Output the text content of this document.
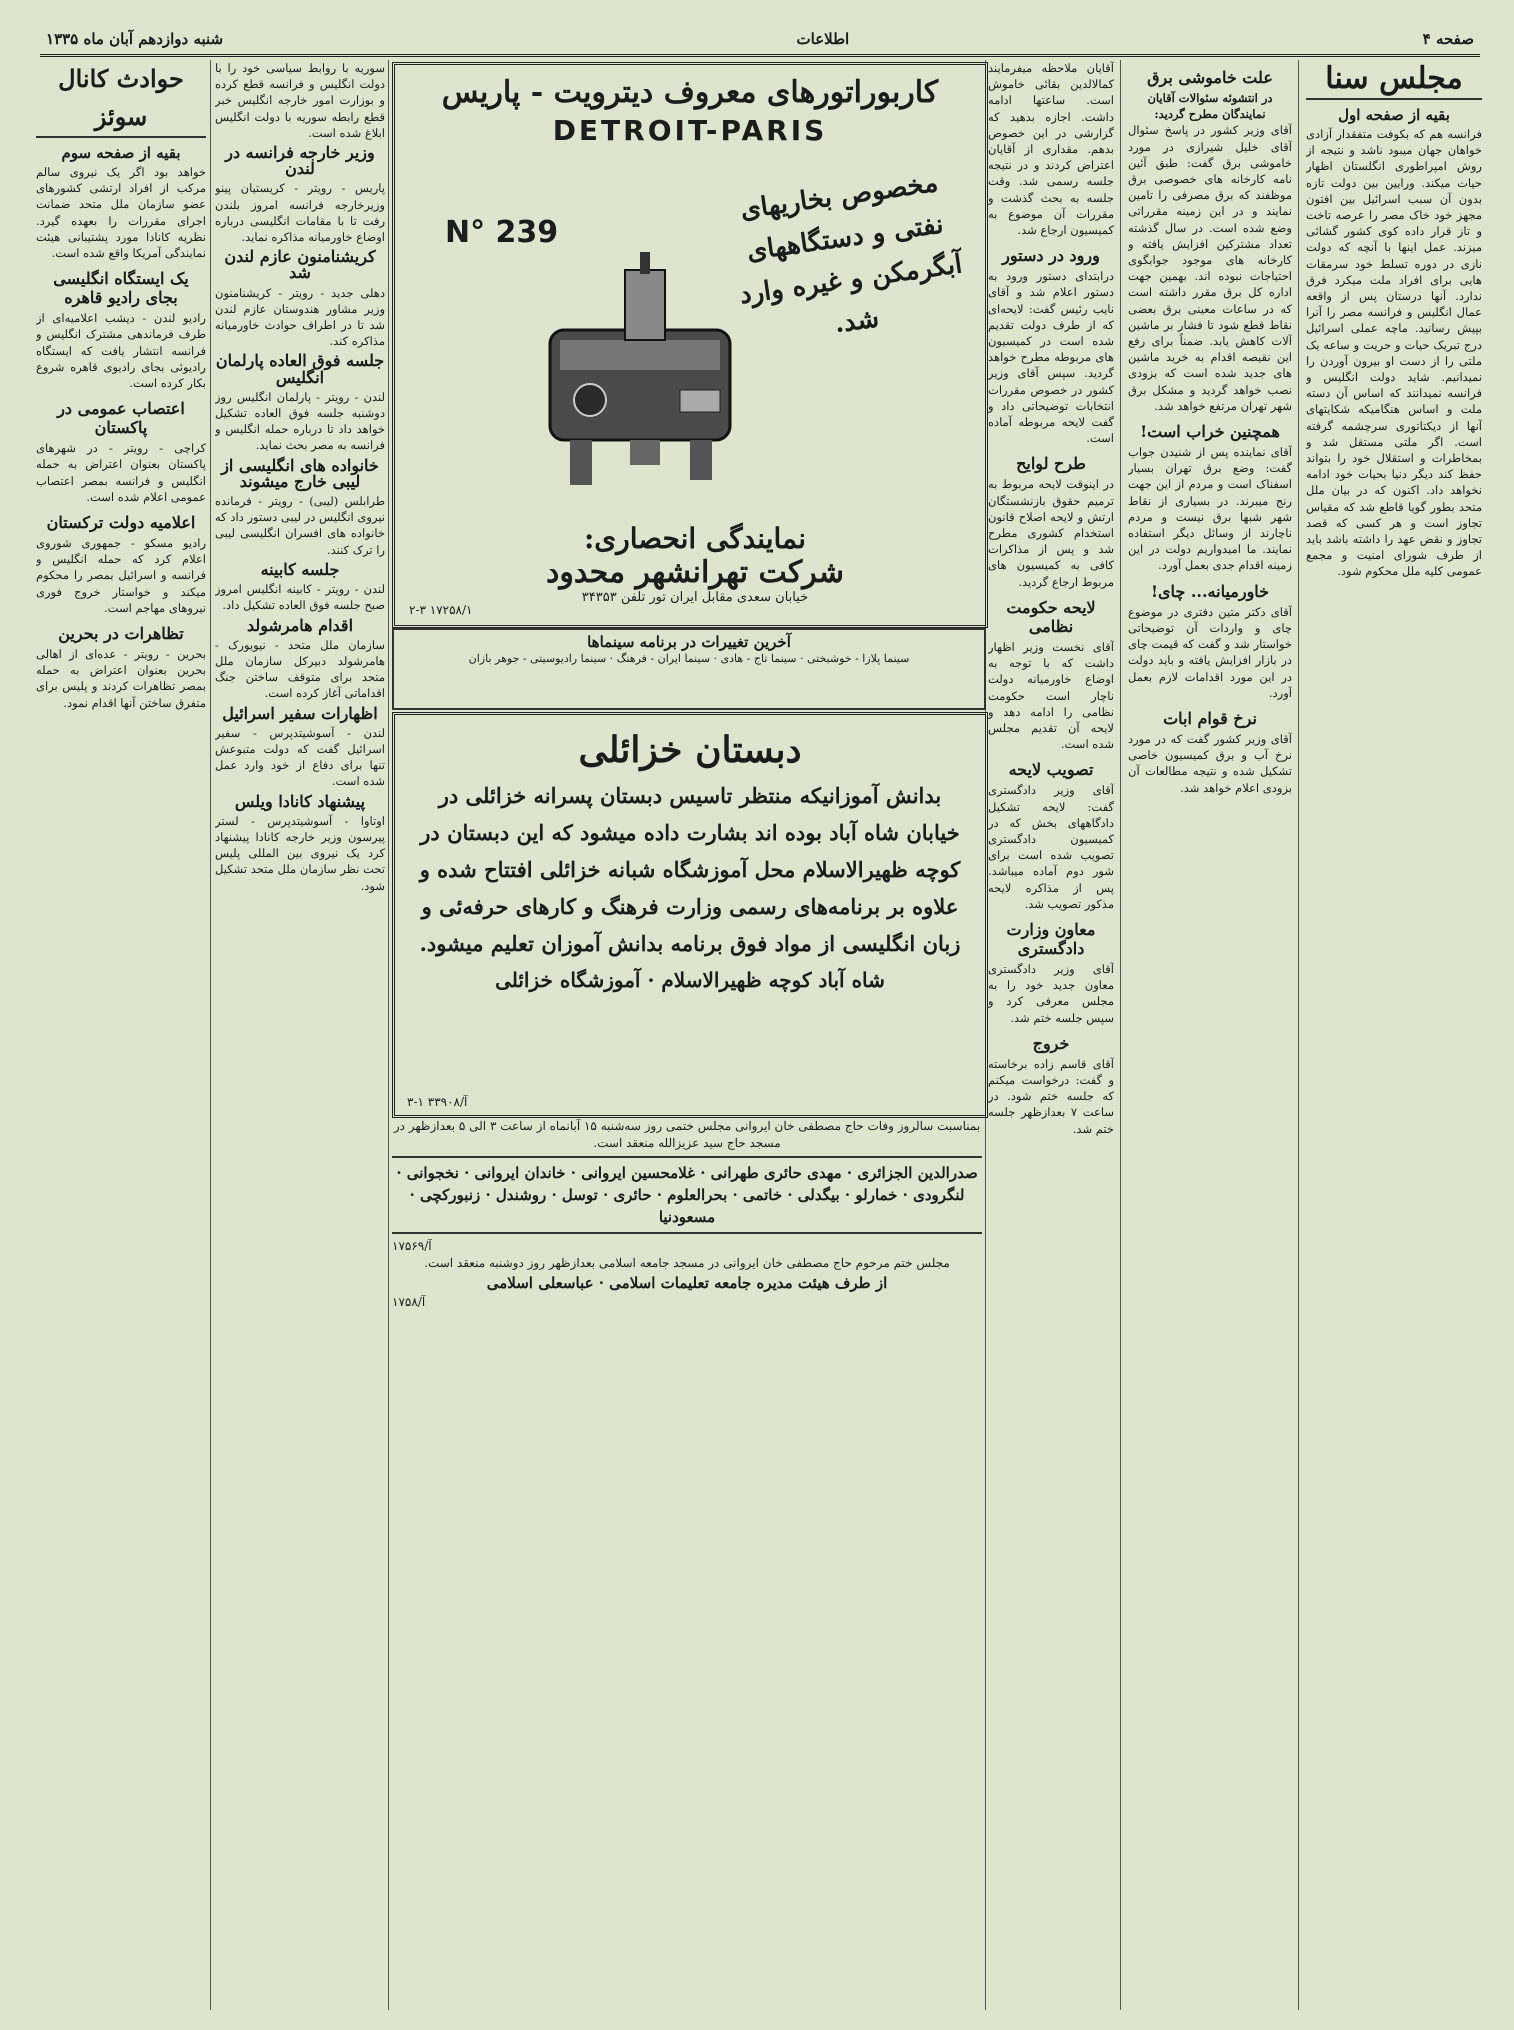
صفحه ۴
اطلاعات
شنبه دوازدهم آبان ماه ۱۳۳۵
مجلس سنا
بقیه از صفحه اول
فرانسه هم که بکوفت متفقدار آزادی خواهان جهان میبود ناشد و نتیجه از روش امپراطوری انگلستان اظهار حیات میکند. ورایین بین دولت تازه بدون آن سبب اسرائیل بین افتون مجهز خود خاک مصر را عرصه تاخت و تاز قرار داده کوی کشور گشائی میزند. عمل اینها با آنچه که دولت نازی در دوره تسلط خود سرمقات هایی برای افراد ملت میکرد فرق ندارد. آنها درستان پس از واقعه عمال انگلیس و فرانسه مصر را آنرا بپیش رسانید. ماچه عملی اسرائیل درج تبریک حیات و حریت و ساعه یک ملتی را از دست او بیرون آوردن را نمیدانیم. شاید دولت انگلیس و فرانسه نمیدانند که اساس آن دسته ملت و اساس هنگامیکه شکایتهای آنها از دیکتاتوری سرچشمه گرفته است. اگر ملتی مستقل شد و بمخاطرات و استقلال خود را بتواند حفظ کند دیگر دنیا بحیات خود ادامه نخواهد داد. اکنون که در بیان ملل متحد بطور گویا قاطع شد که مقیاس تجاوز است و هر کسی که قصد تجاوز و نقض عهد را داشته باشد باید از طرف شورای امنیت و مجمع عمومی کلیه ملل محکوم شود.
علت خاموشی برق
در انتشوئه سئوالات آقایان نمایندگان مطرح گردید:
آقای وزیر کشور در پاسخ سئوال آقای خلیل شیرازی در مورد خاموشی برق گفت: طبق آئین نامه کارخانه های خصوصی برق موظفند که برق مصرفی را تامین نمایند و در این زمینه مقرراتی وضع شده است. در سال گذشته تعداد مشترکین افزایش یافته و کارخانه های موجود جوابگوی احتیاجات نبوده اند. بهمین جهت اداره کل برق مقرر داشته است که در ساعات معینی برق بعضی نقاط قطع شود تا فشار بر ماشین آلات کاهش یابد. ضمناً برای رفع این نقیصه اقدام به خرید ماشین های جدید شده است که بزودی نصب خواهد گردید و مشکل برق شهر تهران مرتفع خواهد شد.
همچنین خراب است!
آقای نماینده پس از شنیدن جواب گفت: وضع برق تهران بسیار اسفناک است و مردم از این جهت رنج میبرند. در بسیاری از نقاط شهر شبها برق نیست و مردم ناچارند از وسائل دیگر استفاده نمایند. ما امیدواریم دولت در این زمینه اقدام جدی بعمل آورد.
خاورمیانه... چای!
آقای دکتر متین دفتری در موضوع چای و واردات آن توضیحاتی خواستار شد و گفت که قیمت چای در بازار افزایش یافته و باید دولت در این مورد اقدامات لازم بعمل آورد.
نرخ قوام ابات
آقای وزیر کشور گفت که در مورد نرخ آب و برق کمیسیون خاصی تشکیل شده و نتیجه مطالعات آن بزودی اعلام خواهد شد.
آقایان ملاحظه میفرمایند کمالالدین بقائی خاموش است. ساعتها ادامه داشت. اجازه بدهید که گزارشی در این خصوص بدهم. مقداری از آقایان اعتراض کردند و در نتیجه جلسه رسمی شد. وقت جلسه به بحث گذشت و مقررات آن موضوع به کمیسیون ارجاع شد.
ورود در دستور
درابتدای دستور ورود به دستور اعلام شد و آقای نایب رئیس گفت: لایحه‌ای که از طرف دولت تقدیم شده است در کمیسیون های مربوطه مطرح خواهد گردید. سپس آقای وزیر کشور در خصوص مقررات انتخابات توضیحاتی داد و گفت لایحه مربوطه آماده است.
طرح لوایح
در اینوقت لایحه مربوط به ترمیم حقوق بازنشستگان ارتش و لایحه اصلاح قانون استخدام کشوری مطرح شد و پس از مذاکرات کافی به کمیسیون های مربوط ارجاع گردید.
لایحه حکومت نظامی
آقای نخست وزیر اظهار داشت که با توجه به اوضاع خاورمیانه دولت ناچار است حکومت نظامی را ادامه دهد و لایحه آن تقدیم مجلس شده است.
تصویب لایحه
آقای وزیر دادگستری گفت: لایحه تشکیل دادگاههای بخش که در کمیسیون دادگستری تصویب شده است برای شور دوم آماده میباشد. پس از مذاکره لایحه مذکور تصویب شد.
معاون وزارت دادگستری
آقای وزیر دادگستری معاون جدید خود را به مجلس معرفی کرد و سپس جلسه ختم شد.
خروج
آقای قاسم زاده برخاسته و گفت: درخواست میکنم که جلسه ختم شود. در ساعت ۷ بعدازظهر جلسه ختم شد.
کاربوراتورهای معروف دیترویت - پاریس
DETROIT-PARIS
N° 239
مخصوص بخاریهای نفتی و دستگاههای آبگرمکن و غیره وارد شد.
نمایندگی انحصاری:
شرکت تهرانشهر محدود
خیابان سعدی مقابل ایران تور تلفن ۳۴۳۵۳
۲-۳ ۱۷۲۵۸/۱
آخرین تغییرات در برنامه سینماها
سینما پلازا - خوشبختی · سینما تاج - هادی · سینما ایران - فرهنگ · سینما رادیوسیتی - جوهر بازان
دبستان خزائلی
بدانش آموزانیکه منتظر تاسیس دبستان پسرانه خزائلی در خیابان شاه آباد بوده اند بشارت داده میشود که این دبستان در کوچه ظهیرالاسلام محل آموزشگاه شبانه خزائلی افتتاح شده و علاوه بر برنامه‌های رسمی وزارت فرهنگ و کارهای حرفه‌ئی و زبان انگلیسی از مواد فوق برنامه بدانش آموزان تعلیم میشود.
شاه آباد کوچه ظهیرالاسلام · آموزشگاه خزائلی
۳-۱ ۳۳۹۰۸/آ
بمناسبت سالروز وفات حاج مصطفی خان ایروانی مجلس ختمی روز سه‌شنبه ۱۵ آبانماه از ساعت ۳ الی ۵ بعدازظهر در مسجد حاج سید عزیزالله منعقد است.
صدرالدین الجزائری · مهدی حائری طهرانی · غلامحسین ایروانی · خاندان ایروانی · نخجوانی · لنگرودی · خمارلو · بیگدلی · خاتمی · بحرالعلوم · حائری · توسل · روشندل · زنبورکچی · مسعودنیا
۱۷۵۶۹/آ
مجلس ختم مرحوم حاج مصطفی خان ایروانی در مسجد جامعه اسلامی بعدازظهر روز دوشنبه منعقد است.
از طرف هیئت مدیره جامعه تعلیمات اسلامی · عباسعلی اسلامی
۱۷۵۸/آ
سوریه با روابط سیاسی خود را با دولت انگلیس و فرانسه قطع کرده و بوزارت امور خارجه انگلیس خبر قطع رابطه سوریه با دولت انگلیس ابلاغ شده است.
وزیر خارجه فرانسه در لندن
پاریس - رویتر - کریستیان پینو وزیرخارجه فرانسه امروز بلندن رفت تا با مقامات انگلیسی درباره اوضاع خاورمیانه مذاکره نماید.
کریشنامنون عازم لندن شد
دهلی جدید - رویتر - کریشنامنون وزیر مشاور هندوستان عازم لندن شد تا در اطراف حوادث خاورمیانه مذاکره کند.
جلسه فوق العاده پارلمان انگلیس
لندن - رویتر - پارلمان انگلیس روز دوشنبه جلسه فوق العاده تشکیل خواهد داد تا درباره حمله انگلیس و فرانسه به مصر بحث نماید.
خانواده های انگلیسی از لیبی خارج میشوند
طرابلس (لیبی) - رویتر - فرمانده نیروی انگلیس در لیبی دستور داد که خانواده های افسران انگلیسی لیبی را ترک کنند.
جلسه کابینه
لندن - رویتر - کابینه انگلیس امروز صبح جلسه فوق العاده تشکیل داد.
اقدام هامرشولد
سازمان ملل متحد - نیویورک - هامرشولد دبیرکل سازمان ملل متحد برای متوقف ساختن جنگ اقداماتی آغاز کرده است.
اظهارات سفیر اسرائیل
لندن - آسوشیتدپرس - سفیر اسرائیل گفت که دولت متبوعش تنها برای دفاع از خود وارد عمل شده است.
پیشنهاد کانادا ویلس
اوتاوا - آسوشیتدپرس - لستر پیرسون وزیر خارجه کانادا پیشنهاد کرد یک نیروی بین المللی پلیس تحت نظر سازمان ملل متحد تشکیل شود.
حوادث کانال سوئز
بقیه از صفحه سوم
خواهد بود اگر یک نیروی سالم مرکب از افراد ارتشی کشورهای عضو سازمان ملل متحد ضمانت اجرای مقررات را بعهده گیرد. نظریه کانادا مورد پشتیبانی هیئت نمایندگی آمریکا واقع شده است.
یک ایستگاه انگلیسی بجای رادیو قاهره
رادیو لندن - دیشب اعلامیه‌ای از طرف فرماندهی مشترک انگلیس و فرانسه انتشار یافت که ایستگاه رادیوئی بجای رادیوی قاهره شروع بکار کرده است.
اعتصاب عمومی در پاکستان
کراچی - رویتر - در شهرهای پاکستان بعنوان اعتراض به حمله انگلیس و فرانسه بمصر اعتصاب عمومی اعلام شده است.
اعلامیه دولت ترکستان
رادیو مسکو - جمهوری شوروی اعلام کرد که حمله انگلیس و فرانسه و اسرائیل بمصر را محکوم میکند و خواستار خروج فوری نیروهای مهاجم است.
تظاهرات در بحرین
بحرین - رویتر - عده‌ای از اهالی بحرین بعنوان اعتراض به حمله بمصر تظاهرات کردند و پلیس برای متفرق ساختن آنها اقدام نمود.
